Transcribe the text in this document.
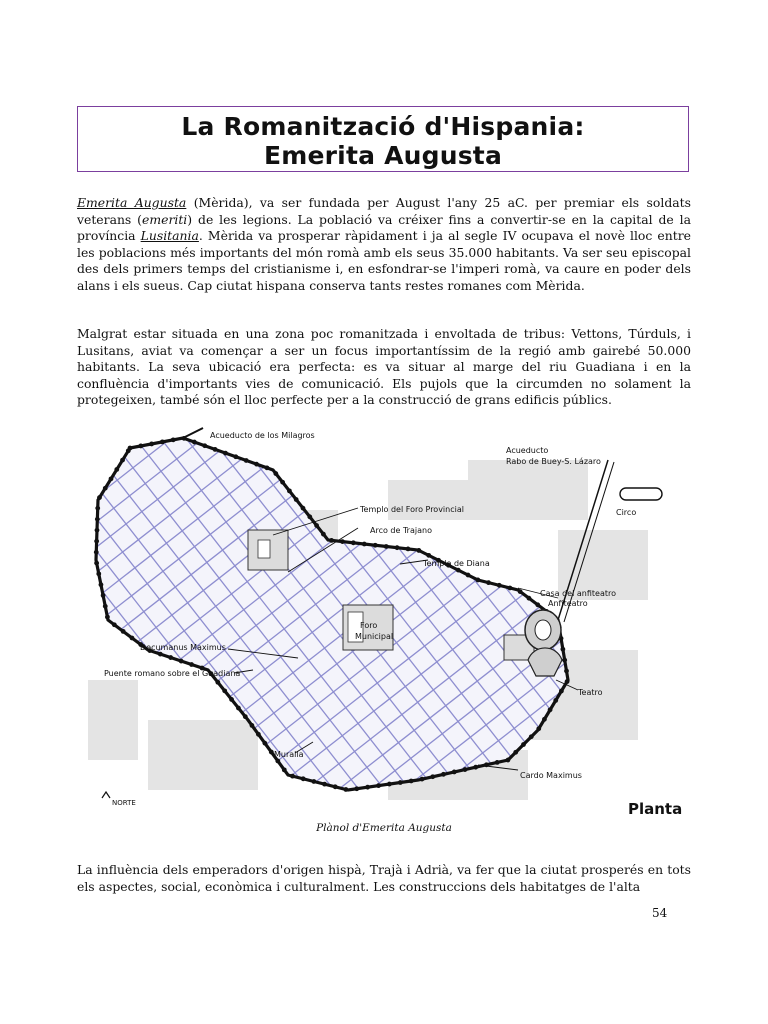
La Romanització d'Hispania:
Emerita Augusta

Emerita Augusta (Mèrida), va ser fundada per August l'any 25 aC. per premiar els soldats veterans (emeriti) de les legions. La població va créixer fins a convertir-se en la capital de la província Lusitania. Mèrida va prosperar ràpidament i ja al segle IV ocupava el novè lloc entre les poblacions més importants del món romà amb els seus 35.000 habitants. Va ser seu episcopal des dels primers temps del cristianisme i, en esfondrar-se l'imperi romà, va caure en poder dels alans i els sueus. Cap ciutat hispana conserva tants restes romanes com Mèrida.

Malgrat estar situada en una zona poc romanitzada i envoltada de tribus: Vettons, Túrduls, i Lusitans, aviat va començar a ser un focus importantíssim de la regió amb gairebé 50.000 habitants. La seva ubicació era perfecta: es va situar al marge del riu Guadiana i en la confluència d'importants vies de comunicació. Els pujols que la circumden no solament la protegeixen, també són el lloc perfecte per a la construcció de grans edificis públics.

Acueducto de los Milagros
Acueducto
Rabo de Buey-S. Lázaro
Templo del Foro Provincial
Arco de Trajano
Templo de Diana
Circo
Casa del anfiteatro
Anfiteatro
Foro
Municipal
Decumanus Maximus
Puente romano sobre el Guadiana
Teatro
Muralla
Cardo Maximus
NORTE	Planta
Plànol d'Emerita Augusta

La influència dels emperadors d'origen hispà, Trajà i Adrià, va fer que la ciutat prosperés en tots els aspectes, social, econòmica i culturalment. Les construccions dels habitatges de l'alta

54
